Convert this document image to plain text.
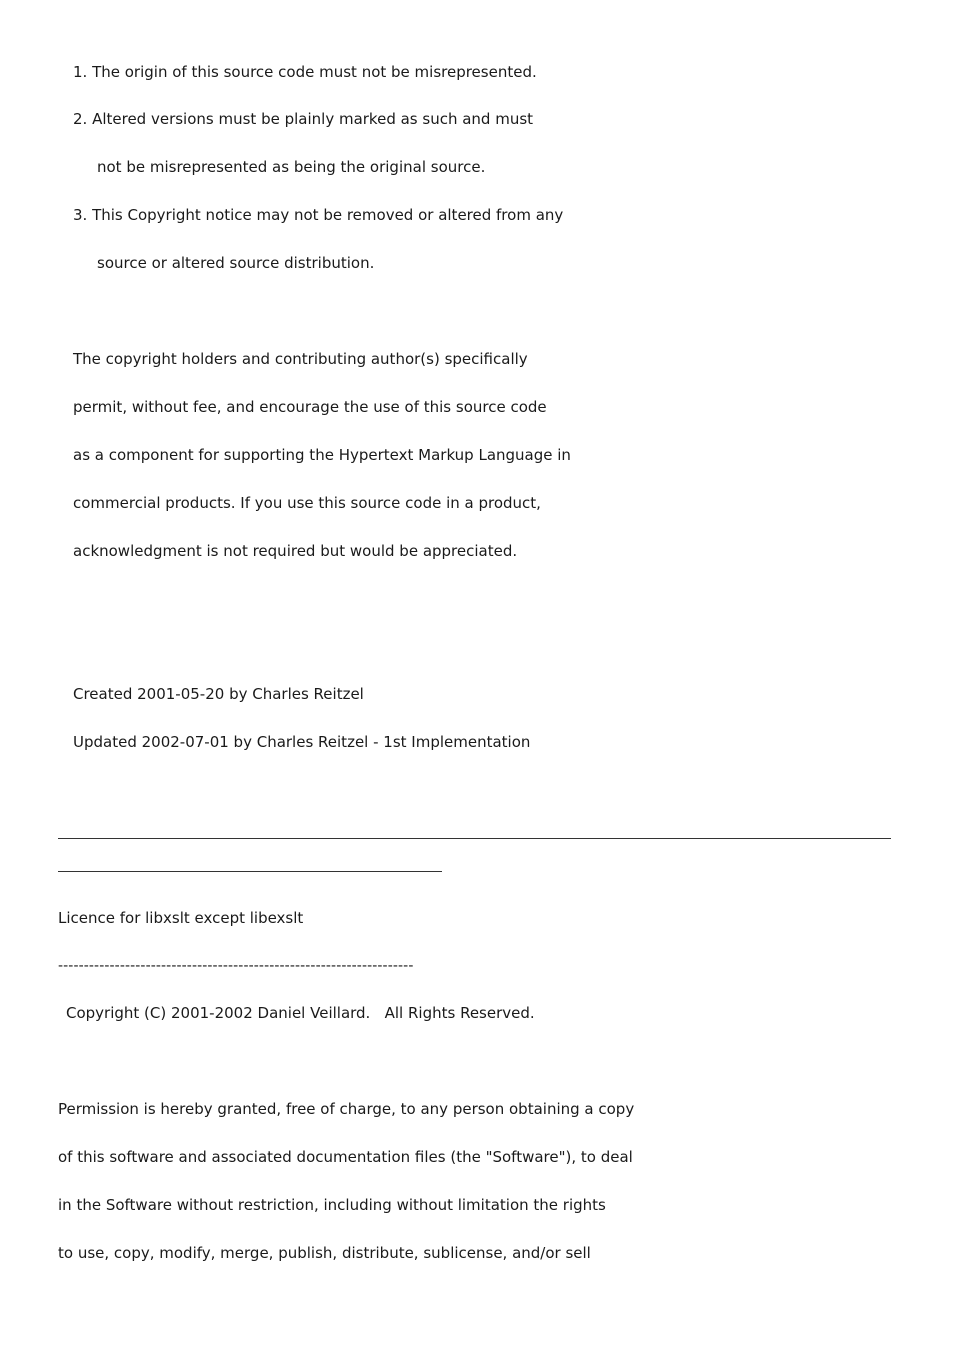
1. The origin of this source code must not be misrepresented.
2. Altered versions must be plainly marked as such and must
not be misrepresented as being the original source.
3. This Copyright notice may not be removed or altered from any
source or altered source distribution.
The copyright holders and contributing author(s) specifically
permit, without fee, and encourage the use of this source code
as a component for supporting the Hypertext Markup Language in
commercial products. If you use this source code in a product,
acknowledgment is not required but would be appreciated.
Created 2001-05-20 by Charles Reitzel
Updated 2002-07-01 by Charles Reitzel - 1st Implementation
Licence for libxslt except libexslt
---------------------------------------------------------------------
Copyright (C) 2001-2002 Daniel Veillard.   All Rights Reserved.
Permission is hereby granted, free of charge, to any person obtaining a copy
of this software and associated documentation files (the "Software"), to deal
in the Software without restriction, including without limitation the rights
to use, copy, modify, merge, publish, distribute, sublicense, and/or sell
